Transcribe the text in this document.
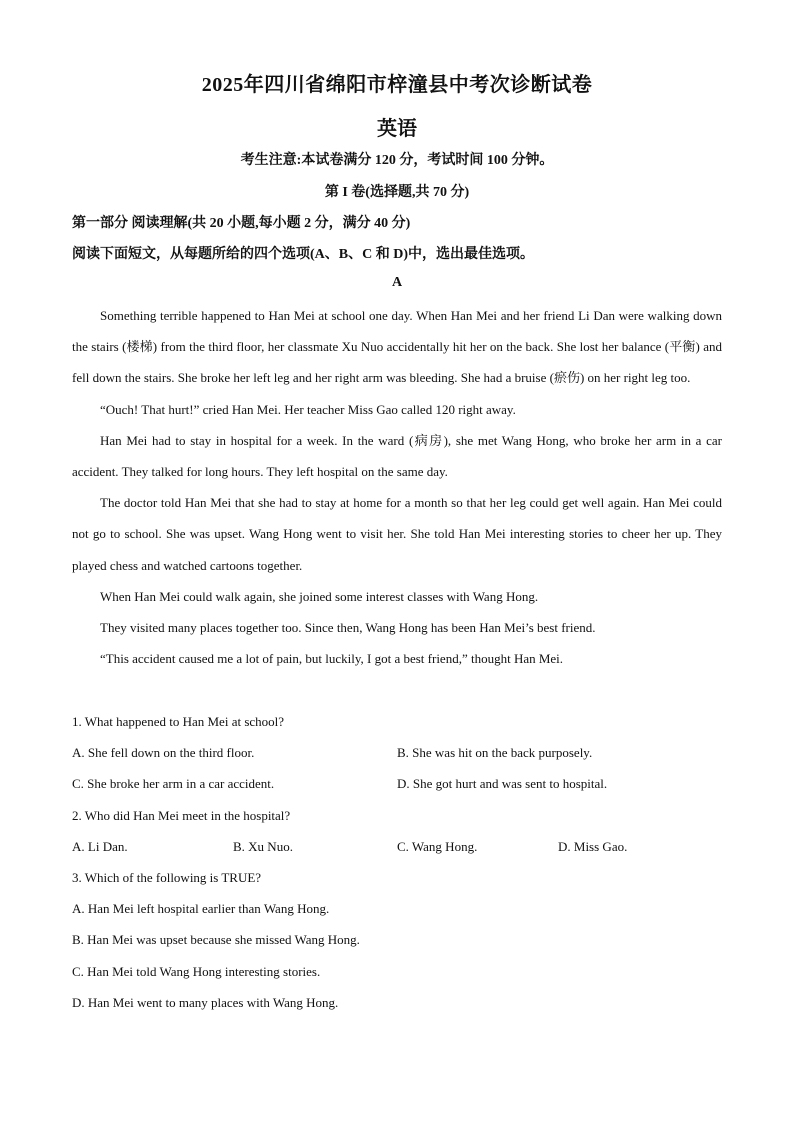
2025年四川省绵阳市梓潼县中考次诊断试卷
英语
考生注意:本试卷满分 120 分，考试时间 100 分钟。
第 I 卷(选择题,共 70 分)
第一部分 阅读理解(共 20 小题,每小题 2 分，满分 40 分)
阅读下面短文，从每题所给的四个选项(A、B、C 和 D)中，选出最佳选项。
A

Something terrible happened to Han Mei at school one day. When Han Mei and her friend Li Dan were walking down the stairs (楼梯) from the third floor, her classmate Xu Nuo accidentally hit her on the back. She lost her balance (平衡) and fell down the stairs. She broke her left leg and her right arm was bleeding. She had a bruise (瘀伤) on her right leg too.

“Ouch! That hurt!” cried Han Mei. Her teacher Miss Gao called 120 right away.

Han Mei had to stay in hospital for a week. In the ward (病房), she met Wang Hong, who broke her arm in a car accident. They talked for long hours. They left hospital on the same day.

The doctor told Han Mei that she had to stay at home for a month so that her leg could get well again. Han Mei could not go to school. She was upset. Wang Hong went to visit her. She told Han Mei interesting stories to cheer her up. They played chess and watched cartoons together.

When Han Mei could walk again, she joined some interest classes with Wang Hong.

They visited many places together too. Since then, Wang Hong has been Han Mei’s best friend.

“This accident caused me a lot of pain, but luckily, I got a best friend,” thought Han Mei.

1. What happened to Han Mei at school?

A. She fell down on the third floor.	B. She was hit on the back purposely.
C. She broke her arm in a car accident.	D. She got hurt and was sent to hospital.

2. Who did Han Mei meet in the hospital?

A. Li Dan.	B. Xu Nuo.	C. Wang Hong.	D. Miss Gao.

3. Which of the following is TRUE?

A. Han Mei left hospital earlier than Wang Hong.

B. Han Mei was upset because she missed Wang Hong.

C. Han Mei told Wang Hong interesting stories.

D. Han Mei went to many places with Wang Hong.
